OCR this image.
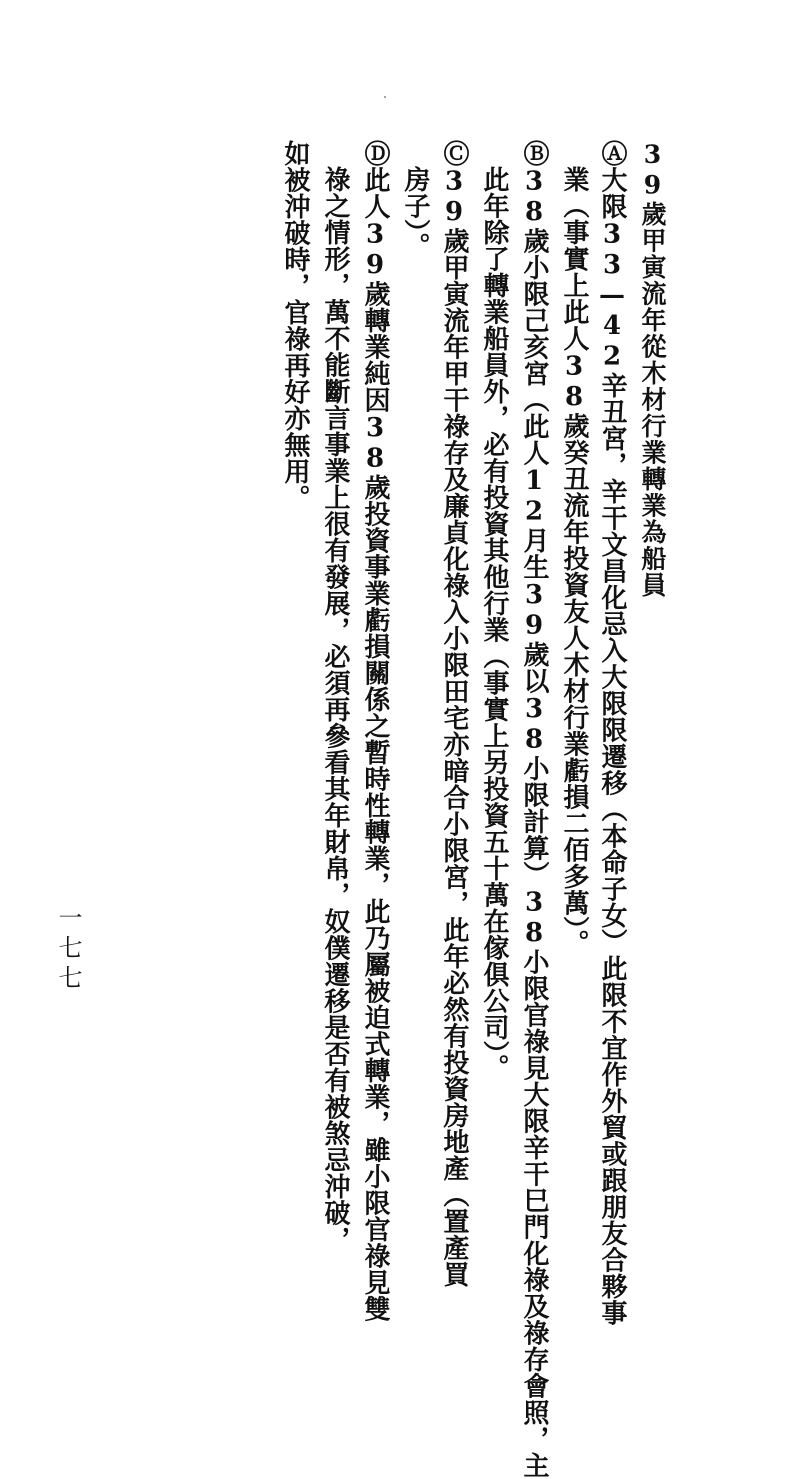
39歲甲寅流年從木材行業轉業為船員
Ⓐ大限33—42辛丑宮，辛干文昌化忌入大限限遷移（本命子女）此限不宜作外貿或跟朋友合夥事
業（事實上此人38歲癸丑流年投資友人木材行業虧損二佰多萬）。
Ⓑ38歲小限己亥宮（此人12月生39歲以38小限計算）38小限官祿見大限辛干巳門化祿及祿存會照，主
此年除了轉業船員外，必有投資其他行業（事實上另投資五十萬在傢俱公司）。
Ⓒ39歲甲寅流年甲干祿存及廉貞化祿入小限田宅亦暗合小限宮，此年必然有投資房地產（置產買
房子）。
Ⓓ此人39歲轉業純因38歲投資事業虧損關係之暫時性轉業，此乃屬被迫式轉業，雖小限官祿見雙
祿之情形，萬不能斷言事業上很有發展，必須再參看其年財帛，奴僕遷移是否有被煞忌沖破，
如被沖破時，官祿再好亦無用。
一七七
